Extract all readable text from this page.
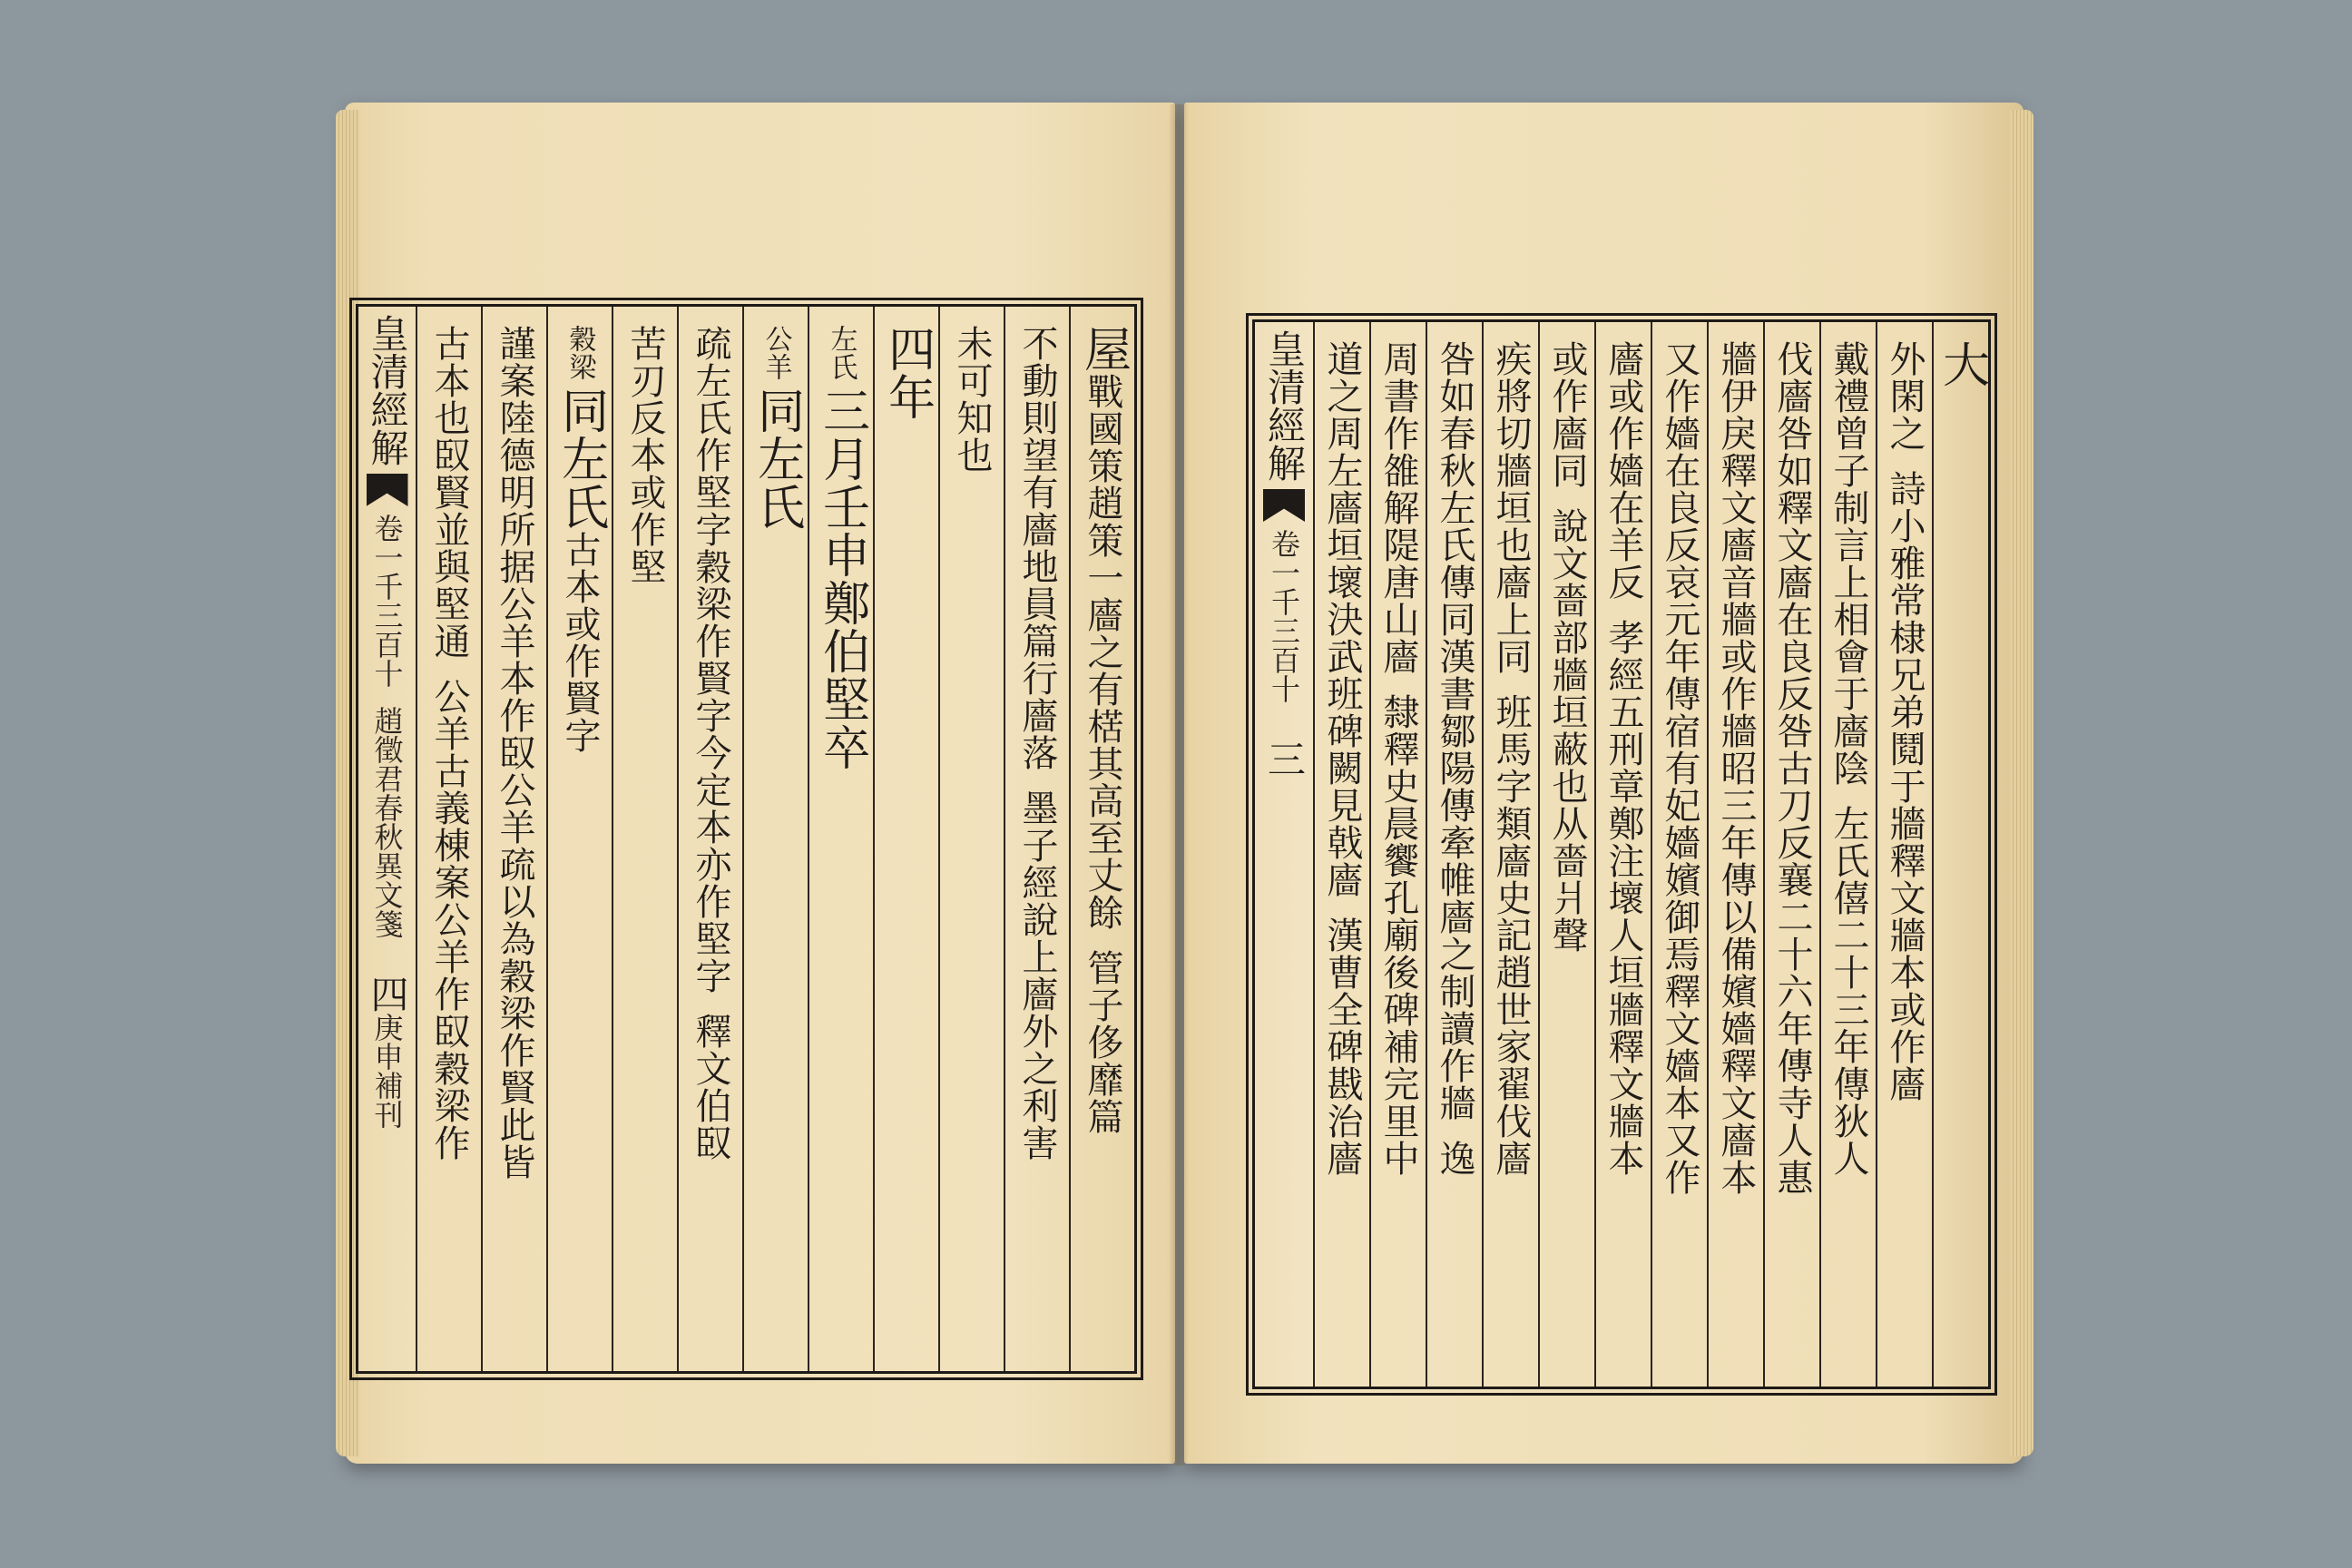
屋
戰國策趙策一廧之有楛其高至丈餘
管子侈靡篇
不動則望有廧地員篇行廧落
墨子經說上廧外之利害
未可知也
四年
左氏
三月壬申鄭伯堅卒
公羊
同左氏
疏左氏作堅字穀梁作賢字今定本亦作堅字
釋文伯臤
苦刃反本或作堅
穀梁
同左氏
古本或作賢字
謹案陸德明所据公羊本作臤公羊疏以為穀梁作賢此皆
古本也臤賢並與堅通
公羊古義棟案公羊作臤穀梁作
皇清經解
卷一千三百十
趙徵君春秋異文箋
四
庚申補刊
大
外閑之
詩小雅常棣兄弟鬩于牆釋文牆本或作廧
戴禮曾子制言上相會于廧陰
左氏僖二十三年傳狄人
伐廧咎如釋文廧在良反咎古刀反襄二十六年傳寺人惠
牆伊戾釋文廧音牆或作牆昭三年傳以備嬪嬙釋文廧本
又作嬙在良反哀元年傳宿有妃嬙嬪御焉釋文嬙本又作
廧或作嬙在羊反
孝經五刑章鄭注壞人垣牆釋文牆本
或作廧同
說文嗇部牆垣蔽也从嗇爿聲
疾將切牆垣也廧上同
班馬字類廧史記趙世家翟伐廧
咎如春秋左氏傳同漢書鄒陽傳牽帷廧之制讀作牆
逸
周書作雒解隄唐山廧
隸釋史晨饗孔廟後碑補完里中
道之周左廧垣壞決武班碑闕見戟廧
漢曹全碑戡治廧
皇清經解
卷一千三百十
三
